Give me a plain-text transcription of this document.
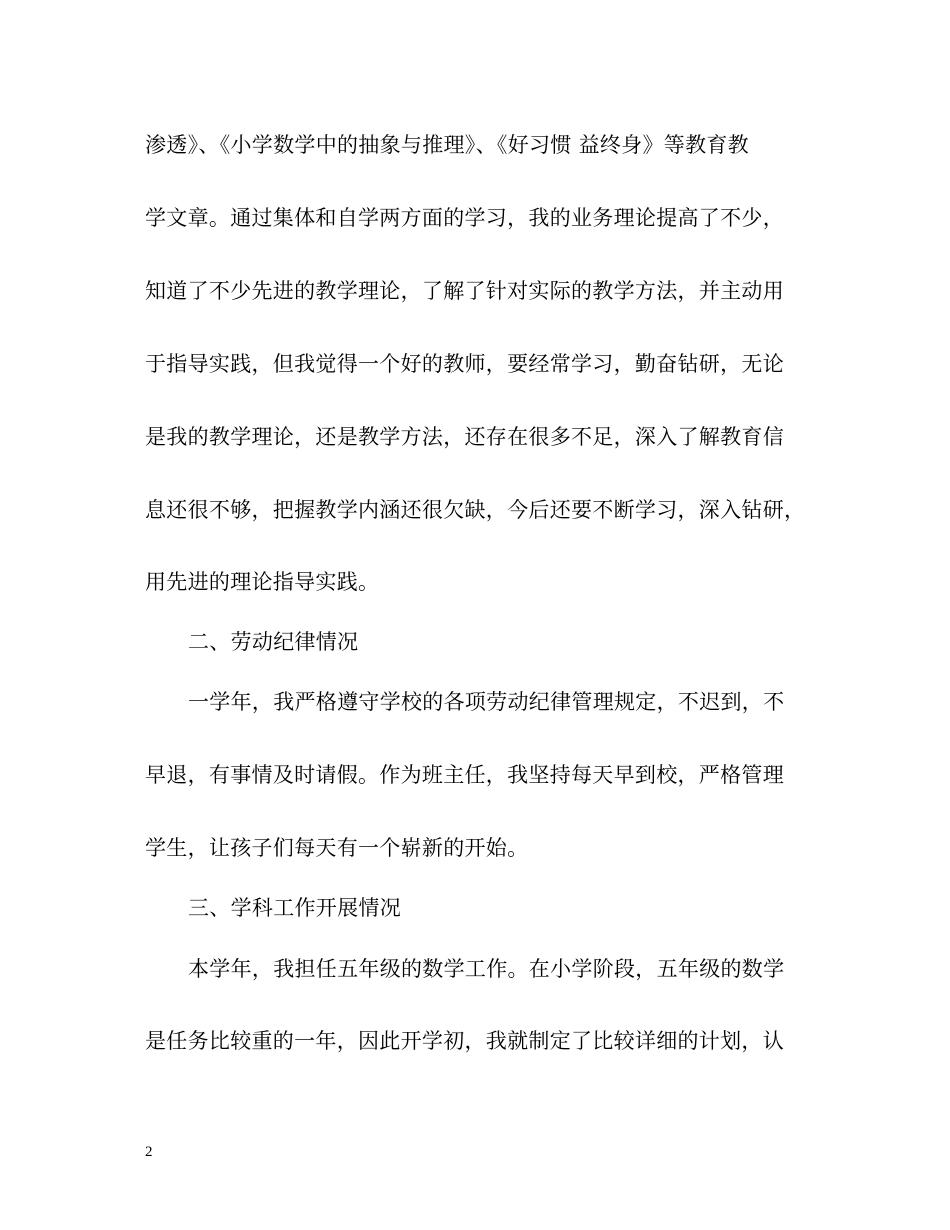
渗透》、《小学数学中的抽象与推理》、《好习惯 益终身》等教育教
学文章。通过集体和自学两方面的学习，我的业务理论提高了不少，
知道了不少先进的教学理论，了解了针对实际的教学方法，并主动用
于指导实践，但我觉得一个好的教师，要经常学习，勤奋钻研，无论
是我的教学理论，还是教学方法，还存在很多不足，深入了解教育信
息还很不够，把握教学内涵还很欠缺，今后还要不断学习，深入钻研，
用先进的理论指导实践。
二、劳动纪律情况
一学年，我严格遵守学校的各项劳动纪律管理规定，不迟到，不
早退，有事情及时请假。作为班主任，我坚持每天早到校，严格管理
学生，让孩子们每天有一个崭新的开始。
三、学科工作开展情况
本学年，我担任五年级的数学工作。在小学阶段，五年级的数学
是任务比较重的一年，因此开学初，我就制定了比较详细的计划，认
2
